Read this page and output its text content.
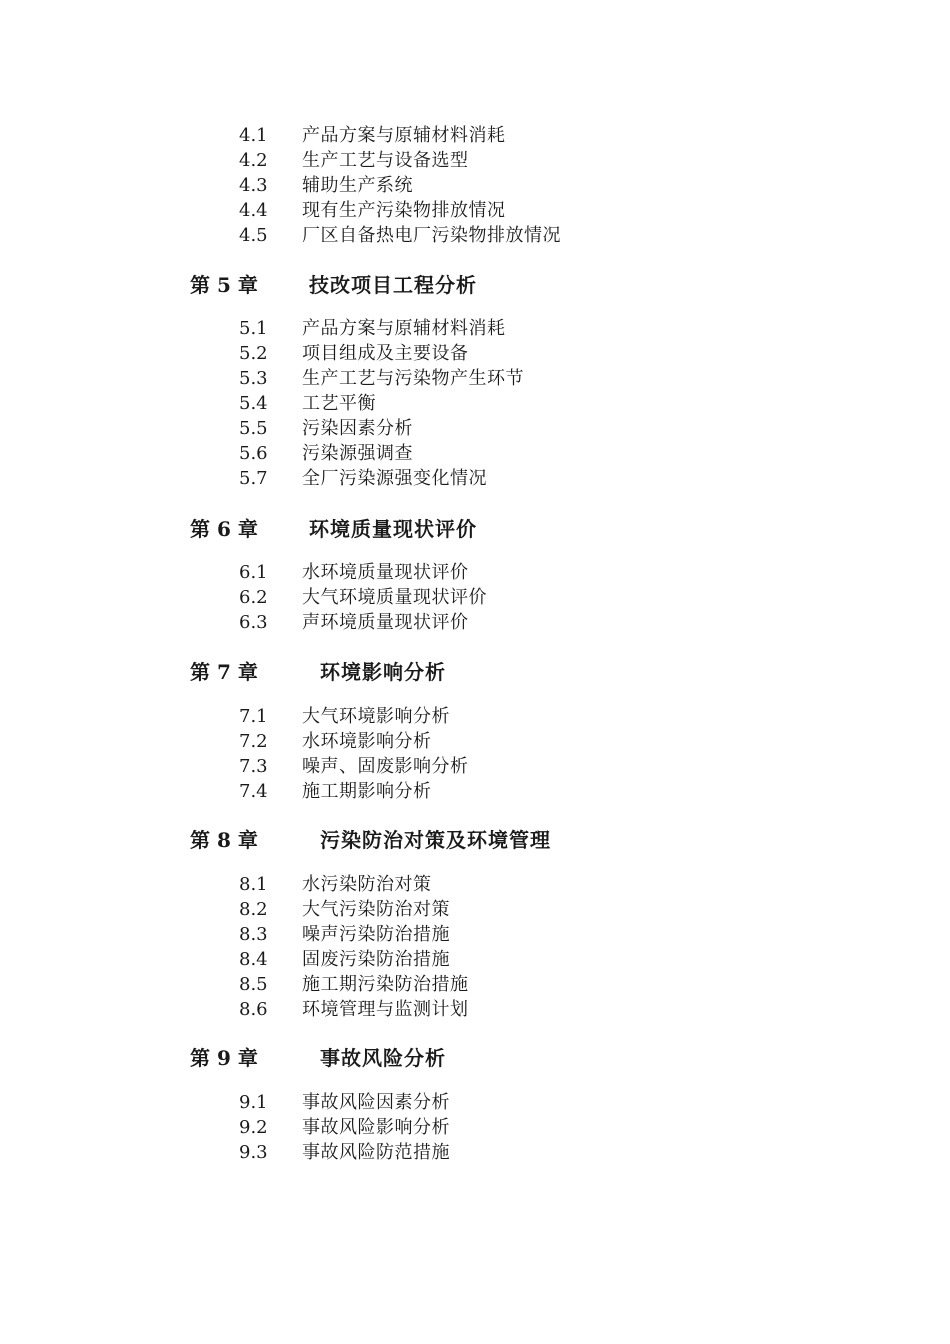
4.1 产品方案与原辅材料消耗
4.2 生产工艺与设备选型
4.3 辅助生产系统
4.4 现有生产污染物排放情况
4.5 厂区自备热电厂污染物排放情况
第 5 章	技改项目工程分析
5.1 产品方案与原辅材料消耗
5.2 项目组成及主要设备
5.3 生产工艺与污染物产生环节
5.4 工艺平衡
5.5 污染因素分析
5.6 污染源强调查
5.7 全厂污染源强变化情况
第 6 章	环境质量现状评价
6.1 水环境质量现状评价
6.2 大气环境质量现状评价
6.3 声环境质量现状评价
第 7 章	环境影响分析
7.1 大气环境影响分析
7.2 水环境影响分析
7.3 噪声、固废影响分析
7.4 施工期影响分析
第 8 章	污染防治对策及环境管理
8.1 水污染防治对策
8.2 大气污染防治对策
8.3 噪声污染防治措施
8.4 固废污染防治措施
8.5 施工期污染防治措施
8.6 环境管理与监测计划
第 9 章	事故风险分析
9.1 事故风险因素分析
9.2 事故风险影响分析
9.3 事故风险防范措施
